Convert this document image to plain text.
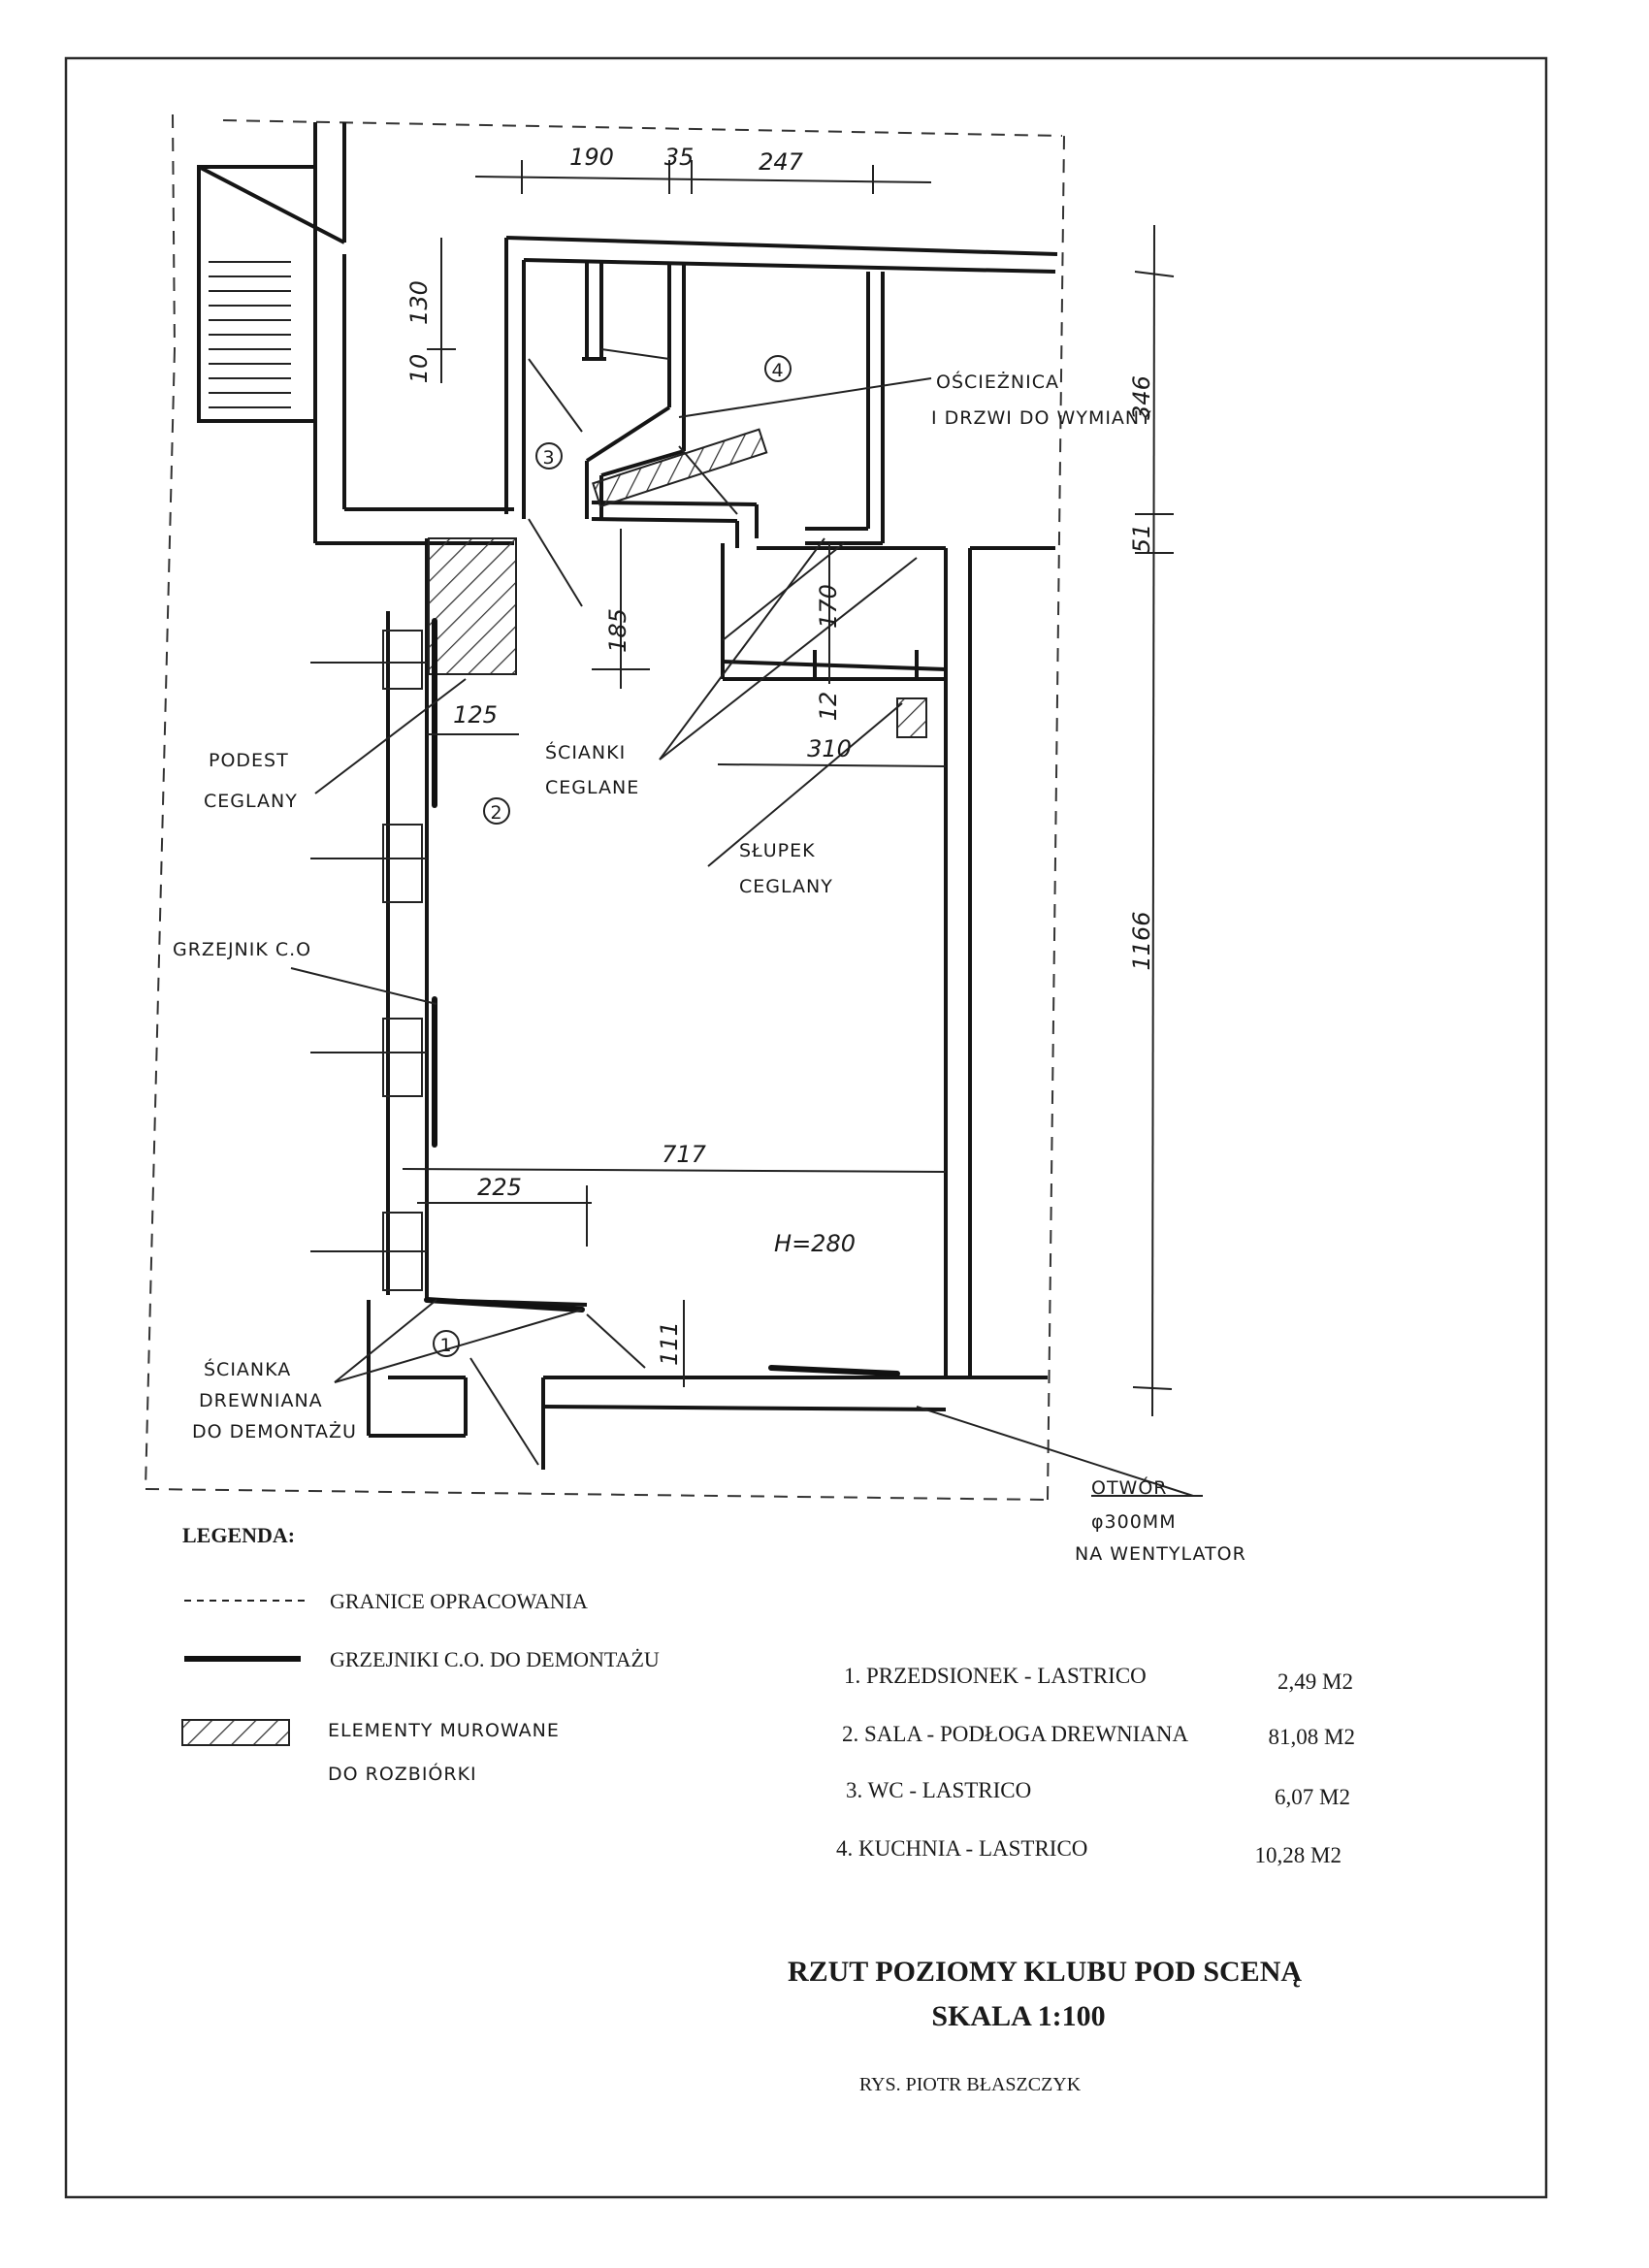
1
2
3
4
190 35	247
10
130
346
51
1166
185
170
12
125
310
717
225
111
H=280
PODEST
CEGLANY
ŚCIANKI
CEGLANE
SŁUPEK
CEGLANY
GRZEJNIK C.O
OŚCIEŻNICA
I DRZWI DO WYMIANY
ŚCIANKA
DREWNIANA
DO DEMONTAŻU
OTWÓR
φ300MM
NA WENTYLATOR
LEGENDA:
GRANICE OPRACOWANIA
GRZEJNIKI C.O. DO DEMONTAŻU
ELEMENTY MUROWANE
DO ROZBIÓRKI
1. PRZEDSIONEK - LASTRICO	2,49 M2
2. SALA - PODŁOGA DREWNIANA	81,08 M2
3. WC - LASTRICO	6,07 M2
4. KUCHNIA - LASTRICO	10,28 M2
RZUT POZIOMY KLUBU POD SCENĄ
SKALA 1:100
RYS. PIOTR BŁASZCZYK
